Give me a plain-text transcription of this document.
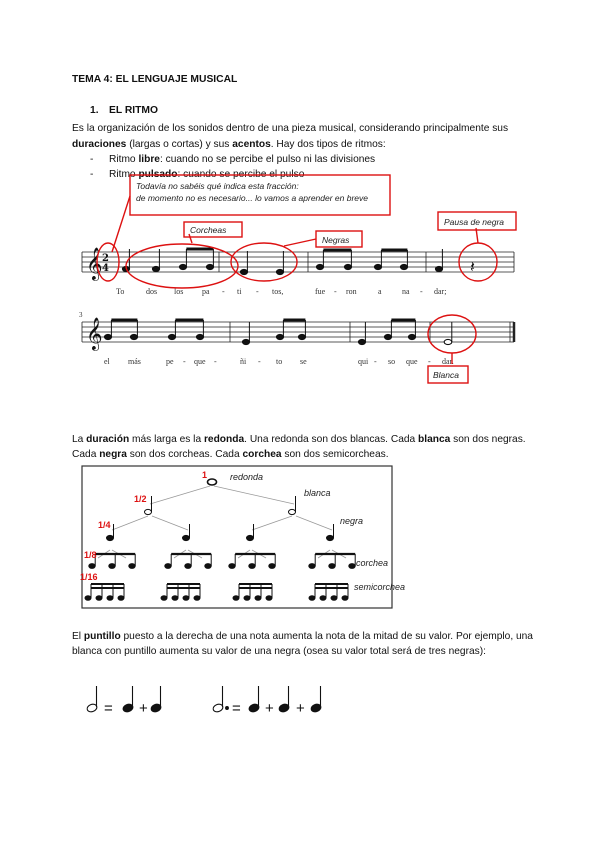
TEMA 4: EL LENGUAJE MUSICAL
1. EL RITMO
Es la organización de los sonidos dentro de una pieza musical, considerando principalmente sus
duraciones (largas o cortas) y sus acentos. Hay dos tipos de ritmos:
- Ritmo libre: cuando no se percibe el pulso ni las divisiones
- Ritmo pulsado: cuando se percibe el pulso
𝄞 2
4	𝄽
To	dos los pa - ti - tos,	fue - ron	a	na - dar;
3
𝄞
el más	pe - que -	ñi - to se	qui - so que - dar.
Todavía no sabéis qué indica esta fracción:
de momento no es necesario... lo vamos a aprender en breve
Corcheas
Negras
Pausa de negra
Blanca
La duración más larga es la redonda. Una redonda son dos blancas. Cada blanca son dos negras.
Cada negra son dos corcheas. Cada corchea son dos semicorcheas.
1
1/2
1/4
1/8
1/16
redonda
blanca
negra
corchea
semicorchea
El puntillo puesto a la derecha de una nota aumenta la nota de la mitad de su valor. Por ejemplo, una
blanca con puntillo aumenta su valor de una negra (osea su valor total será de tres negras):
= +	= + +
